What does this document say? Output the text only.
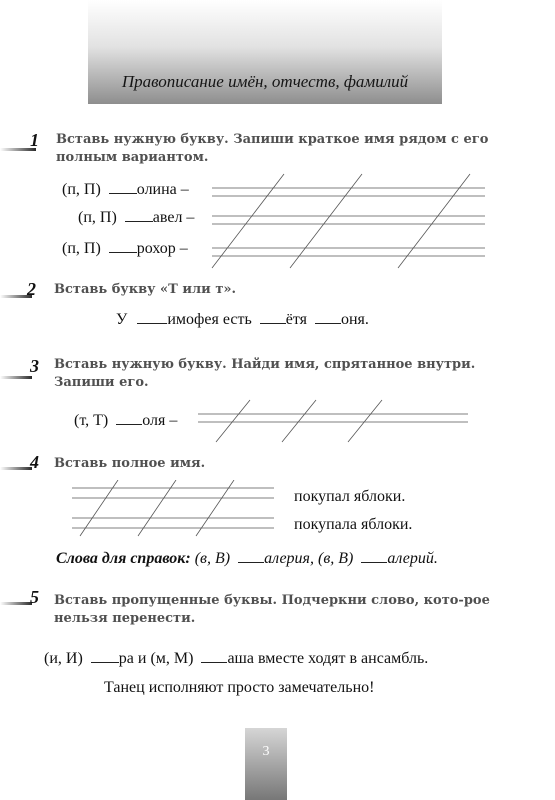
Правописание имён, отчеств, фамилий
1 Вставь нужную букву. Запиши краткое имя рядом с его полным вариантом.
(п, П) олина –
(п, П) авел –
(п, П) рохор –
2 Вставь букву «Т или т».
У	имофея есть ётя оня.
3 Вставь нужную букву. Найди имя, спрятанное внутри. Запиши его.
(т, Т) оля –
4 Вставь полное имя.
покупал яблоки.
покупала яблоки.
Слова для справок: (в, В) алерия, (в, В) алерий.
5 Вставь пропущенные буквы. Подчеркни слово, кото-рое нельзя перенести.
(и, И) ра и (м, М) аша вместе ходят в ансамбль.
Танец исполняют просто замечательно!
3
